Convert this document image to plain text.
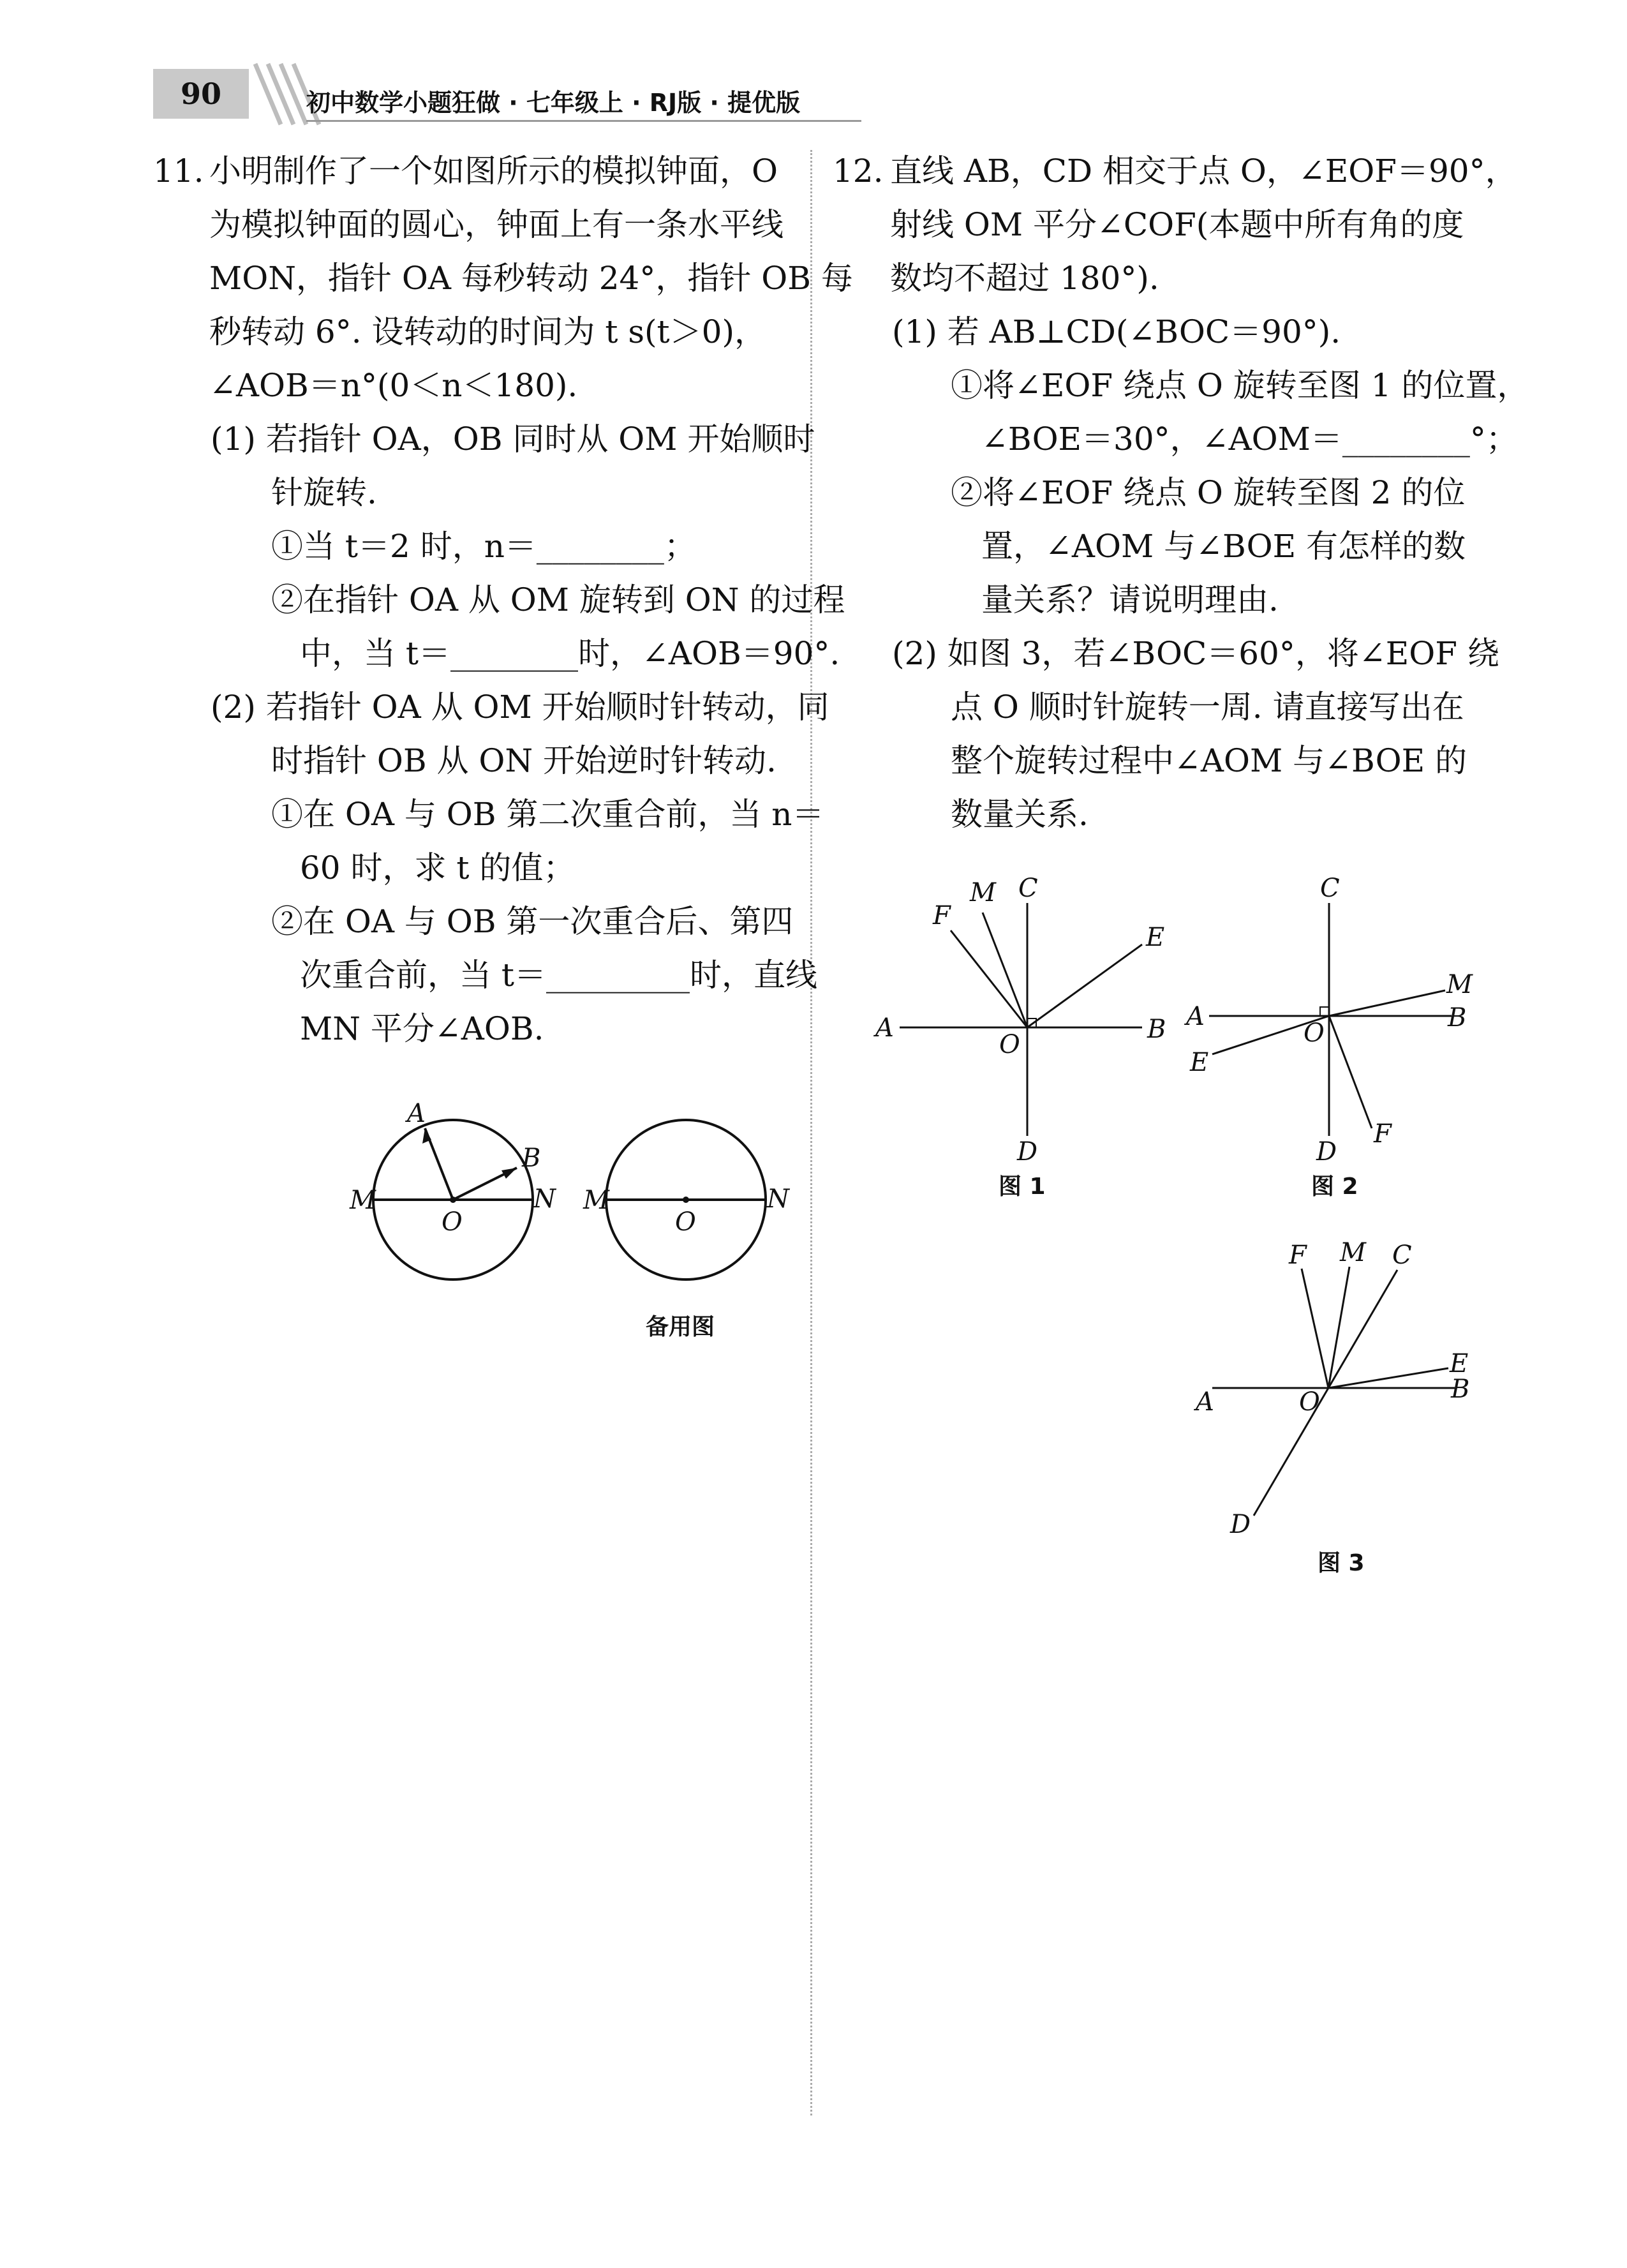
90	初中数学小题狂做 · 七年级上 · RJ版 · 提优版
11. 小明制作了一个如图所示的模拟钟面，O
为模拟钟面的圆心，钟面上有一条水平线
MON，指针 OA 每秒转动 24°，指针 OB 每
秒转动 6°. 设转动的时间为 t s(t＞0)，
∠AOB＝n°(0＜n＜180).
(1) 若指针 OA，OB 同时从 OM 开始顺时
针旋转.
①当 t＝2 时，n＝________；
②在指针 OA 从 OM 旋转到 ON 的过程
中，当 t＝________时，∠AOB＝90°.
(2) 若指针 OA 从 OM 开始顺时针转动，同
时指针 OB 从 ON 开始逆时针转动.
①在 OA 与 OB 第二次重合前，当 n＝
60 时，求 t 的值；
②在 OA 与 OB 第一次重合后、第四
次重合前，当 t＝_________时，直线
MN 平分∠AOB.
A
B
M	N
O
M	N
O
备用图
12. 直线 AB，CD 相交于点 O，∠EOF＝90°，
射线 OM 平分∠COF(本题中所有角的度
数均不超过 180°).
(1) 若 AB⊥CD(∠BOC＝90°).
①将∠EOF 绕点 O 旋转至图 1 的位置，
∠BOE＝30°，∠AOM＝________°；
②将∠EOF 绕点 O 旋转至图 2 的位
置，∠AOM 与∠BOE 有怎样的数
量关系？请说明理由.
(2) 如图 3，若∠BOC＝60°，将∠EOF 绕
点 O 顺时针旋转一周. 请直接写出在
整个旋转过程中∠AOM 与∠BOE 的
数量关系.
A	B
C
D
E
F
M
O
图 1
A	B
C
D
E
F
M
O
图 2
A	B
C
D
E
F M
O
图 3
